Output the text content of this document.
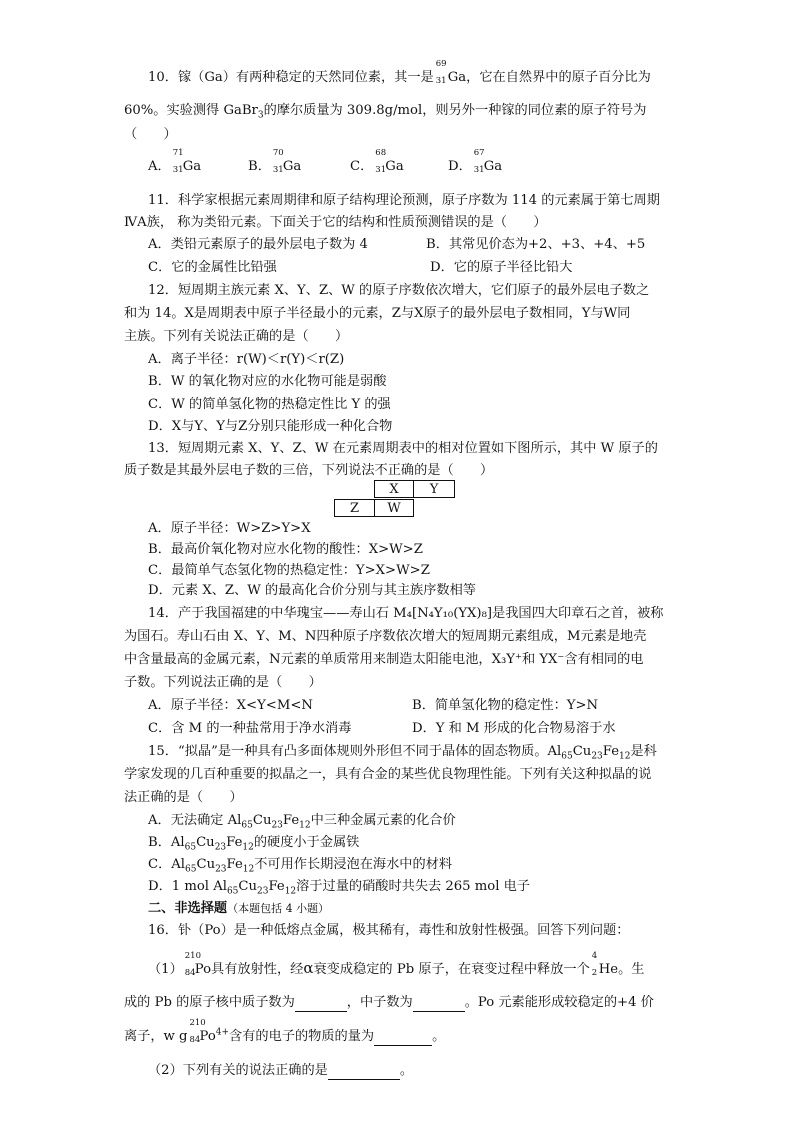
10．镓（Ga）有两种稳定的天然同位素，其一是
69
31 Ga，它在自然界中的原子百分比为
60%。实验测得 GaBr$_3$的摩尔质量为 309.8g/mol，则另外一种镓的同位素的原子符号为
（　　）
A．
71
31 Ga	B．
70
31 Ga	C．
68
31 Ga	D．
67
31 Ga
11．科学家根据元素周期律和原子结构理论预测，原子序数为 114 的元素属于第七周期
ⅣA族， 称为类铅元素。下面关于它的结构和性质预测错误的是（　　）
A．类铅元素原子的最外层电子数为 4	B．其常见价态为+2、+3、+4、+5
C．它的金属性比铅强	D．它的原子半径比铅大
12．短周期主族元素 X、Y、Z、W 的原子序数依次增大，它们原子的最外层电子数之
和为 14。X是周期表中原子半径最小的元素，Z与X原子的最外层电子数相同，Y与W同
主族。下列有关说法正确的是（　　）
A．离子半径：r(W)＜r(Y)＜r(Z)
B．W 的氧化物对应的水化物可能是弱酸
C．W 的简单氢化物的热稳定性比 Y 的强
D．X与Y、Y与Z分别只能形成一种化合物
13．短周期元素 X、Y、Z、W 在元素周期表中的相对位置如下图所示，其中 W 原子的
质子数是其最外层电子数的三倍，下列说法不正确的是（　　）
X	Y
Z	W
A．原子半径：W>Z>Y>X
B．最高价氧化物对应水化物的酸性：X>W>Z
C．最简单气态氢化物的热稳定性：Y>X>W>Z
D．元素 X、Z、W 的最高化合价分别与其主族序数相等
14．产于我国福建的中华瑰宝——寿山石 M₄[N₄Y₁₀(YX)₈]是我国四大印章石之首，被称
为国石。寿山石由 X、Y、M、N四种原子序数依次增大的短周期元素组成，M元素是地壳
中含量最高的金属元素，N元素的单质常用来制造太阳能电池，X₃Y⁺和 YX⁻含有相同的电
子数。下列说法正确的是（　　）
A．原子半径：X<Y<M<N	B．简单氢化物的稳定性：Y>N
C．含 M 的一种盐常用于净水消毒	D．Y 和 M 形成的化合物易溶于水
15．“拟晶”是一种具有凸多面体规则外形但不同于晶体的固态物质。$Al_{65}Cu_{23}Fe_{12}$是科
学家发现的几百种重要的拟晶之一，具有合金的某些优良物理性能。下列有关这种拟晶的说
法正确的是（　　）
A．无法确定 $Al_{65}Cu_{23}Fe_{12}$中三种金属元素的化合价
B．$Al_{65}Cu_{23}Fe_{12}$的硬度小于金属铁
C．$Al_{65}Cu_{23}Fe_{12}$不可用作长期浸泡在海水中的材料
D．1 mol $Al_{65}Cu_{23}Fe_{12}$溶于过量的硝酸时共失去 265 mol 电子
二、非选择题（本题包括 4 小题）
16．钋（Po）是一种低熔点金属，极其稀有，毒性和放射性极强。回答下列问题：
（1）
210
84 Po具有放射性，经α衰变成稳定的 Pb 原子，在衰变过程中释放一个
4
2 He。生
成的 Pb 的原子核中质子数为	，中子数为	。Po 元素能形成较稳定的+4 价
离子，w g
210
84 $Po^{4+}$含有的电子的物质的量为	。
（2）下列有关的说法正确的是	。
